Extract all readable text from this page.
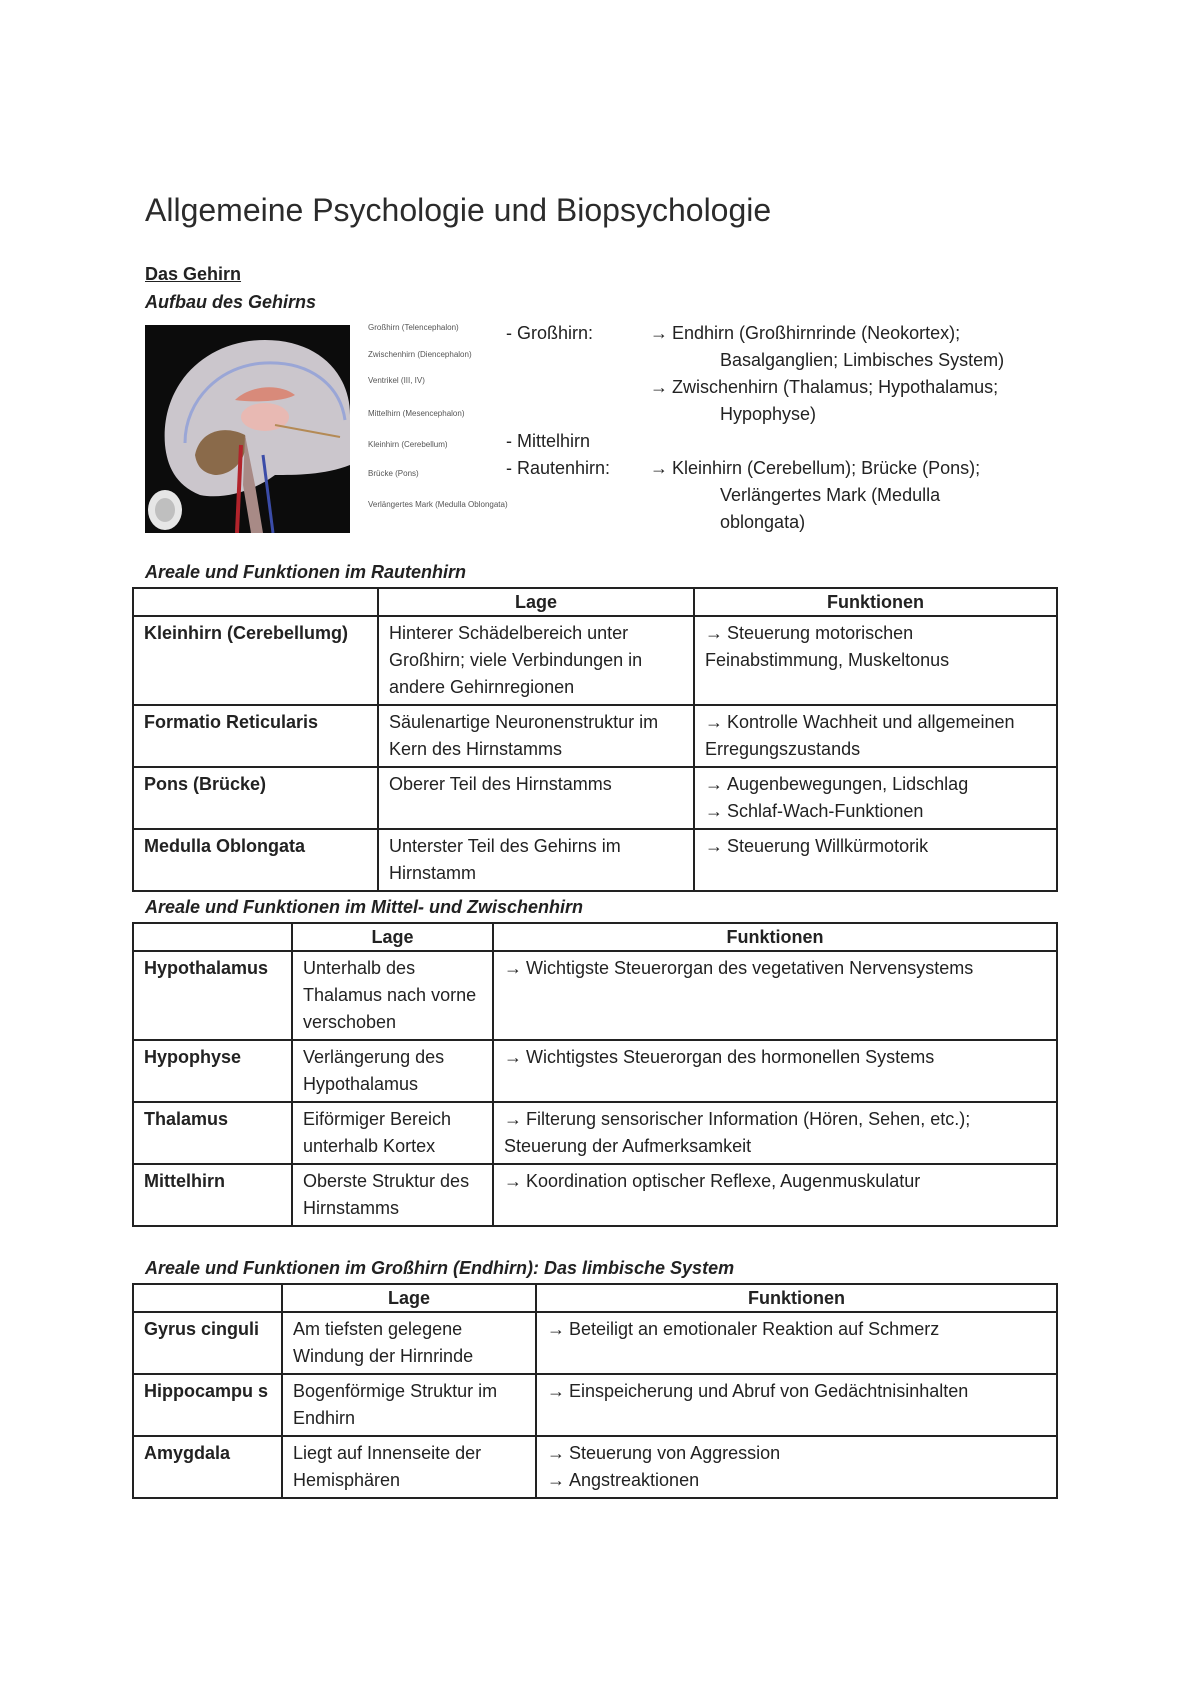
Allgemeine Psychologie und Biopsychologie
Das Gehirn
Aufbau des Gehirns
Großhirn (Telencephalon)
Zwischenhirn (Diencephalon)
Ventrikel (III, IV)
Mittelhirn (Mesencephalon)
Kleinhirn (Cerebellum)
Brücke (Pons)
Verlängertes Mark (Medulla Oblongata)
- Großhirn:	→ Endhirn (Großhirnrinde (Neokortex);
Basalganglien; Limbisches System)
→ Zwischenhirn (Thalamus; Hypothalamus;
Hypophyse)
- Mittelhirn
- Rautenhirn: → Kleinhirn (Cerebellum); Brücke (Pons);
Verlängertes Mark (Medulla
oblongata)
Areale und Funktionen im Rautenhirn
	Lage	Funktionen
Kleinhirn (Cerebellumg)	Hinterer Schädelbereich unter Großhirn; viele Verbindungen in andere Gehirnregionen	→ Steuerung motorischen Feinabstimmung, Muskeltonus
Formatio Reticularis	Säulenartige Neuronenstruktur im Kern des Hirnstamms	→ Kontrolle Wachheit und allgemeinen Erregungszustands
Pons (Brücke)	Oberer Teil des Hirnstamms	→ Augenbewegungen, Lidschlag
→ Schlaf-Wach-Funktionen
Medulla Oblongata	Unterster Teil des Gehirns im Hirnstamm	→ Steuerung Willkürmotorik
Areale und Funktionen im Mittel- und Zwischenhirn
	Lage	Funktionen
Hypothalamus	Unterhalb des Thalamus nach vorne verschoben	→ Wichtigste Steuerorgan des vegetativen Nervensystems
Hypophyse	Verlängerung des Hypothalamus	→ Wichtigstes Steuerorgan des hormonellen Systems
Thalamus	Eiförmiger Bereich unterhalb Kortex	→ Filterung sensorischer Information (Hören, Sehen, etc.); Steuerung der Aufmerksamkeit
Mittelhirn	Oberste Struktur des Hirnstamms	→ Koordination optischer Reflexe, Augenmuskulatur
Areale und Funktionen im Großhirn (Endhirn): Das limbische System
	Lage	Funktionen
Gyrus cinguli	Am tiefsten gelegene Windung der Hirnrinde	→ Beteiligt an emotionaler Reaktion auf Schmerz
Hippocampu s	Bogenförmige Struktur im Endhirn	→ Einspeicherung und Abruf von Gedächtnisinhalten
Amygdala	Liegt auf Innenseite der Hemisphären	→ Steuerung von Aggression
→ Angstreaktionen
